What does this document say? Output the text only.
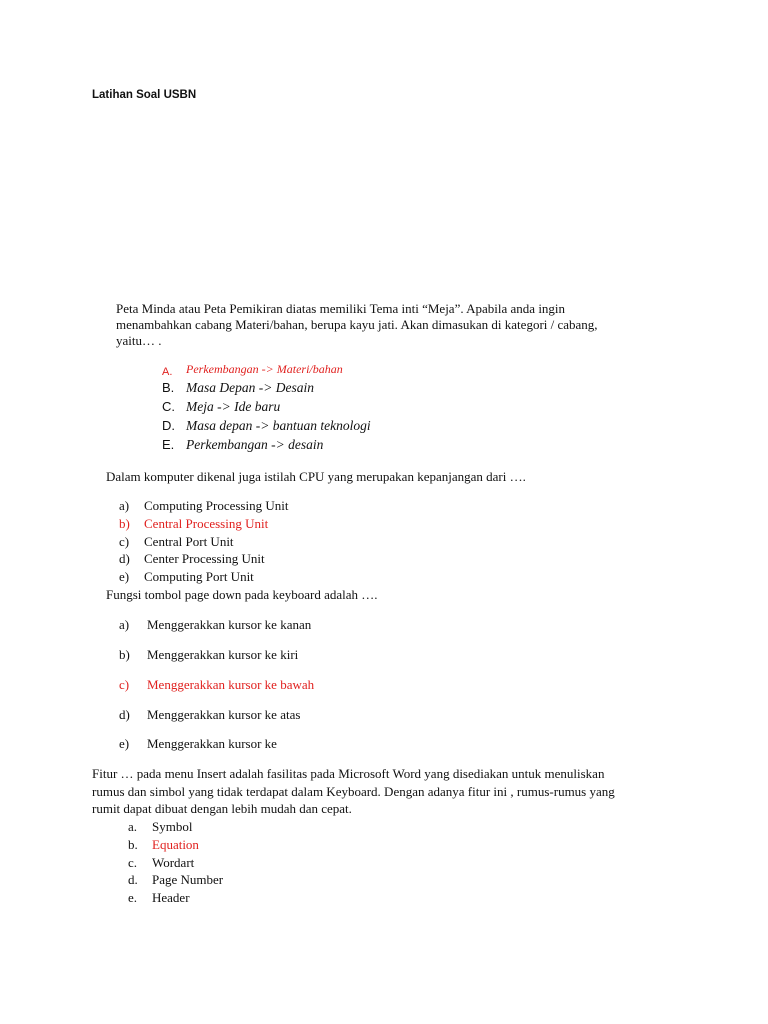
Latihan Soal USBN
Peta Minda atau Peta Pemikiran diatas memiliki Tema inti “Meja”. Apabila anda ingin
menambahkan cabang Materi/bahan, berupa kayu jati. Akan dimasukan di kategori / cabang,
yaitu… .
A. Perkembangan -> Materi/bahan
B. Masa Depan -> Desain
C. Meja -> Ide baru
D. Masa depan -> bantuan teknologi
E. Perkembangan -> desain
Dalam komputer dikenal juga istilah CPU yang merupakan kepanjangan dari ….
a) Computing Processing Unit
b) Central Processing Unit
c) Central Port Unit
d) Center Processing Unit
e) Computing Port Unit
Fungsi tombol page down pada keyboard adalah ….
a) Menggerakkan kursor ke kanan
b) Menggerakkan kursor ke kiri
c) Menggerakkan kursor ke bawah
d) Menggerakkan kursor ke atas
e) Menggerakkan kursor ke
Fitur … pada menu Insert adalah fasilitas pada Microsoft Word yang disediakan untuk menuliskan
rumus dan simbol yang tidak terdapat dalam Keyboard. Dengan adanya fitur ini , rumus-rumus yang
rumit dapat dibuat dengan lebih mudah dan cepat.
a. Symbol
b. Equation
c. Wordart
d. Page Number
e. Header
